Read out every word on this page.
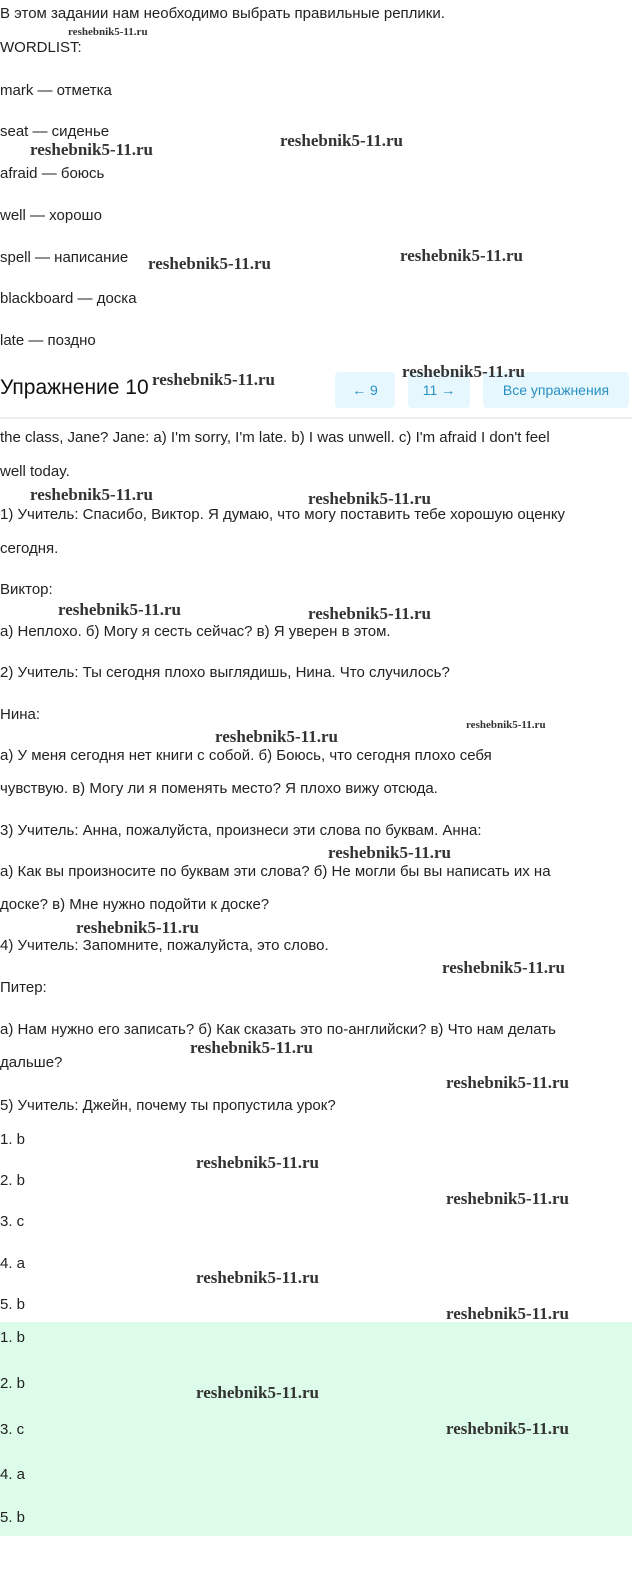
В этом задании нам необходимо выбрать правильные реплики.
WORDLIST:
mark — отметка
seat — сиденье
afraid — боюсь
well — хорошо
spell — написание
blackboard — доска
late — поздно
Упражнение 10	← 9	11 →	Все упражнения
the class, Jane? Jane: a) I'm sorry, I'm late. b) I was unwell. c) I'm afraid I don't feel
well today.
1) Учитель: Спасибо, Виктор. Я думаю, что могу поставить тебе хорошую оценку
сегодня.
Виктор:
а) Неплохо. б) Могу я сесть сейчас? в) Я уверен в этом.
2) Учитель: Ты сегодня плохо выглядишь, Нина. Что случилось?
Нина:
а) У меня сегодня нет книги с собой. б) Боюсь, что сегодня плохо себя
чувствую. в) Могу ли я поменять место? Я плохо вижу отсюда.
3) Учитель: Анна, пожалуйста, произнеси эти слова по буквам. Анна:
а) Как вы произносите по буквам эти слова? б) Не могли бы вы написать их на
доске? в) Мне нужно подойти к доске?
4) Учитель: Запомните, пожалуйста, это слово.
Питер:
а) Нам нужно его записать? б) Как сказать это по-английски? в) Что нам делать
дальше?
5) Учитель: Джейн, почему ты пропустила урок?
1. b
2. b
3. c
4. a
5. b
1. b
2. b
3. c
4. a
5. b
reshebnik5-11.ru
reshebnik5-11.ru	reshebnik5-11.ru
reshebnik5-11.ru	reshebnik5-11.ru
reshebnik5-11.ru	reshebnik5-11.ru
reshebnik5-11.ru	reshebnik5-11.ru
reshebnik5-11.ru	reshebnik5-11.ru
reshebnik5-11.ru
reshebnik5-11.ru
reshebnik5-11.ru
reshebnik5-11.ru
reshebnik5-11.ru
reshebnik5-11.ru
reshebnik5-11.ru
reshebnik5-11.ru
reshebnik5-11.ru
reshebnik5-11.ru
reshebnik5-11.ru
reshebnik5-11.ru
reshebnik5-11.ru
